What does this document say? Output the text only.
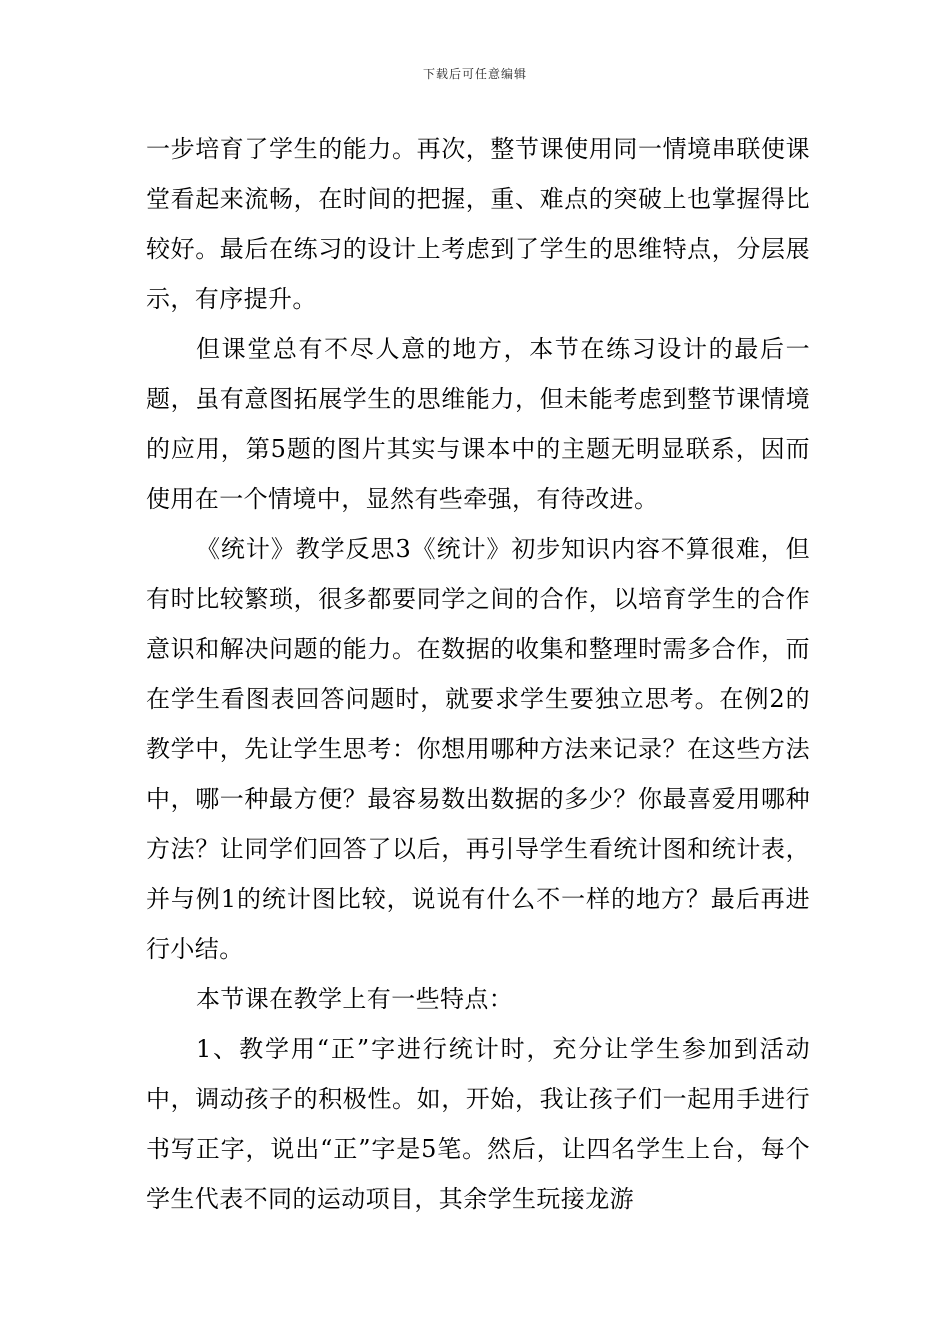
下载后可任意编辑

一步培育了学生的能力。再次，整节课使用同一情境串联使课堂看起来流畅，在时间的把握，重、难点的突破上也掌握得比较好。最后在练习的设计上考虑到了学生的思维特点，分层展示，有序提升。

但课堂总有不尽人意的地方，本节在练习设计的最后一题，虽有意图拓展学生的思维能力，但未能考虑到整节课情境的应用，第5题的图片其实与课本中的主题无明显联系，因而使用在一个情境中，显然有些牵强，有待改进。

《统计》教学反思3《统计》初步知识内容不算很难，但有时比较繁琐，很多都要同学之间的合作，以培育学生的合作意识和解决问题的能力。在数据的收集和整理时需多合作，而在学生看图表回答问题时，就要求学生要独立思考。在例2的教学中，先让学生思考：你想用哪种方法来记录？在这些方法中，哪一种最方便？最容易数出数据的多少？你最喜爱用哪种方法？让同学们回答了以后，再引导学生看统计图和统计表，并与例1的统计图比较，说说有什么不一样的地方？最后再进行小结。

本节课在教学上有一些特点：

1、教学用“正”字进行统计时，充分让学生参加到活动中，调动孩子的积极性。如，开始，我让孩子们一起用手进行书写正字，说出“正”字是5笔。然后，让四名学生上台，每个学生代表不同的运动项目，其余学生玩接龙游
